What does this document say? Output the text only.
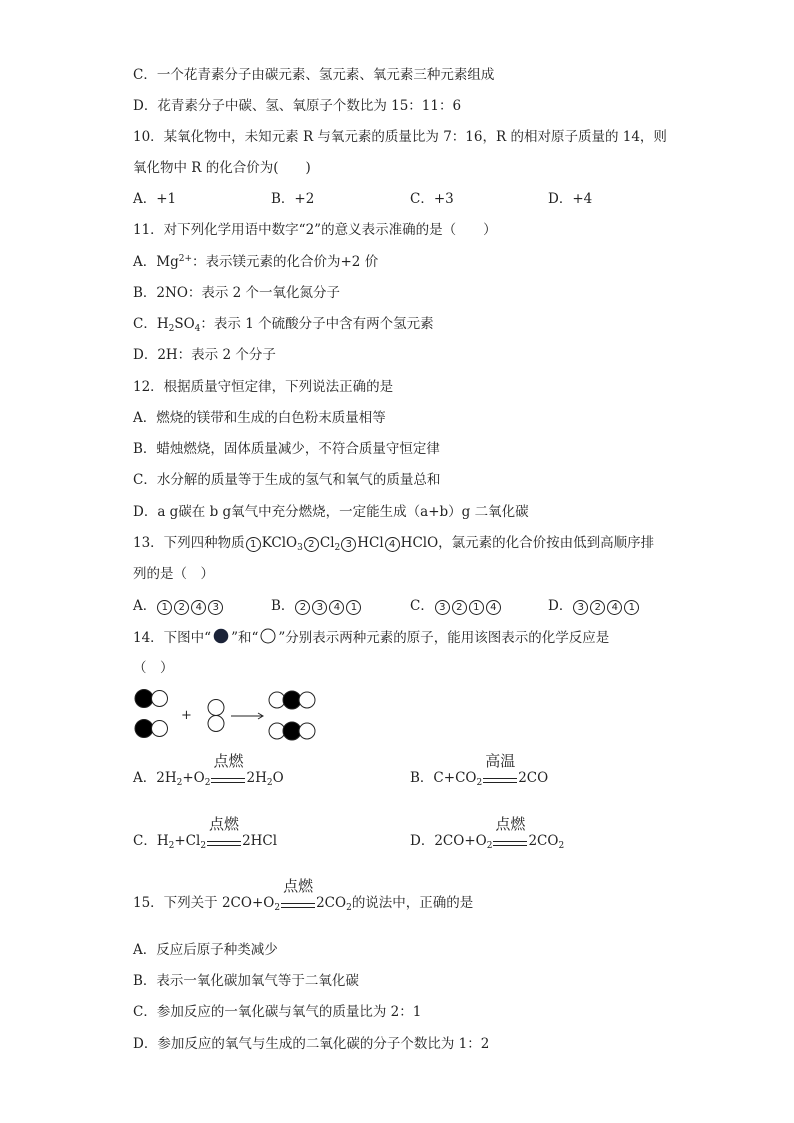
C．一个花青素分子由碳元素、氢元素、氧元素三种元素组成
D．花青素分子中碳、氢、氧原子个数比为 15：11：6
10．某氧化物中，未知元素 R 与氧元素的质量比为 7：16，R 的相对原子质量的 14，则
氧化物中 R 的化合价为(　　)
A．+1	B．+2	C．+3	D．+4
11．对下列化学用语中数字“2”的意义表示准确的是（　　）
A．$Mg^{2+}$：表示镁元素的化合价为+2 价
B．2NO：表示 2 个一氧化氮分子
C．$H_2SO_4$：表示 1 个硫酸分子中含有两个氢元素
D．2H：表示 2 个分子
12．根据质量守恒定律，下列说法正确的是
A．燃烧的镁带和生成的白色粉末质量相等
B．蜡烛燃烧，固体质量减少，不符合质量守恒定律
C．水分解的质量等于生成的氢气和氧气的质量总和
D．a g碳在 b g氧气中充分燃烧，一定能生成（a+b）g 二氧化碳
13．下列四种物质 1 KClO$_3$ 2 $Cl_2$ 3 HCl 4 HClO，氯元素的化合价按由低到高顺序排
列的是（　）
A． 1 2 4 3	B． 2 3 4 1	C． 3 2 1 4	D． 3 2 4 1
14．下图中“ ”和“ ”分别表示两种元素的原子，能用该图表示的化学反应是
（　）
+
A．$2H_2+O_2$
点燃
$2H_2O$	B．$C+CO_2$
高温
2CO
C．$H_2+Cl_2$
点燃
2HCl	D．$2CO+O_2$
点燃
$2CO_2$
15．下列关于 $2CO+O_2$
点燃
$2CO_2$的说法中，正确的是
A．反应后原子种类减少
B．表示一氧化碳加氧气等于二氧化碳
C．参加反应的一氧化碳与氧气的质量比为 2：1
D．参加反应的氧气与生成的二氧化碳的分子个数比为 1：2
